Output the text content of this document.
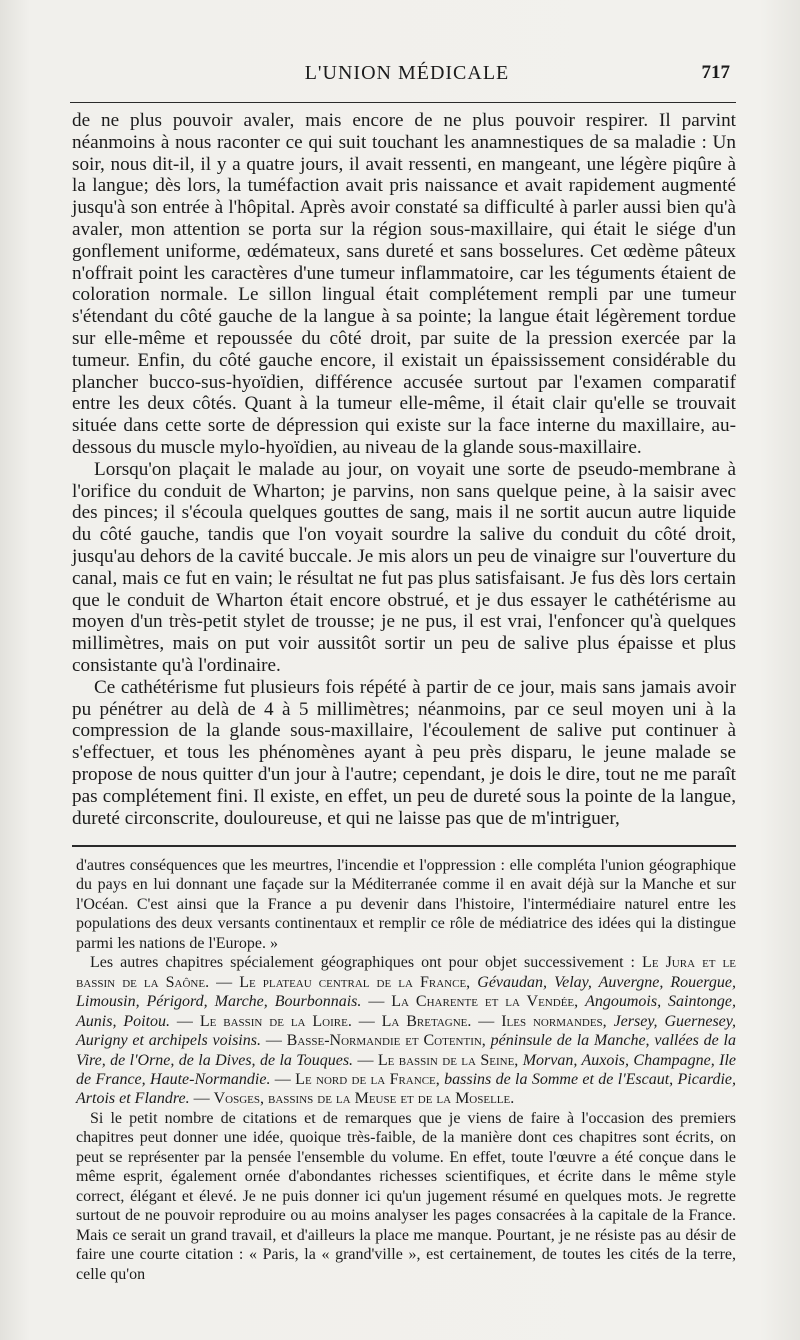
L'UNION MÉDICALE	717

de ne plus pouvoir avaler, mais encore de ne plus pouvoir respirer. Il parvint néanmoins à nous raconter ce qui suit touchant les anamnestiques de sa maladie : Un soir, nous dit-il, il y a quatre jours, il avait ressenti, en mangeant, une légère piqûre à la langue; dès lors, la tuméfaction avait pris naissance et avait rapidement augmenté jusqu'à son entrée à l'hôpital. Après avoir constaté sa difficulté à parler aussi bien qu'à avaler, mon attention se porta sur la région sous-maxillaire, qui était le siége d'un gonflement uniforme, œdémateux, sans dureté et sans bosselures. Cet œdème pâteux n'offrait point les caractères d'une tumeur inflammatoire, car les téguments étaient de coloration normale. Le sillon lingual était complétement rempli par une tumeur s'étendant du côté gauche de la langue à sa pointe; la langue était légèrement tordue sur elle-même et repoussée du côté droit, par suite de la pression exercée par la tumeur. Enfin, du côté gauche encore, il existait un épaississement considérable du plancher bucco-sus-hyoïdien, différence accusée surtout par l'examen comparatif entre les deux côtés. Quant à la tumeur elle-même, il était clair qu'elle se trouvait située dans cette sorte de dépression qui existe sur la face interne du maxillaire, au-dessous du muscle mylo-hyoïdien, au niveau de la glande sous-maxillaire.

Lorsqu'on plaçait le malade au jour, on voyait une sorte de pseudo-membrane à l'orifice du conduit de Wharton; je parvins, non sans quelque peine, à la saisir avec des pinces; il s'écoula quelques gouttes de sang, mais il ne sortit aucun autre liquide du côté gauche, tandis que l'on voyait sourdre la salive du conduit du côté droit, jusqu'au dehors de la cavité buccale. Je mis alors un peu de vinaigre sur l'ouverture du canal, mais ce fut en vain; le résultat ne fut pas plus satisfaisant. Je fus dès lors certain que le conduit de Wharton était encore obstrué, et je dus essayer le cathétérisme au moyen d'un très-petit stylet de trousse; je ne pus, il est vrai, l'enfoncer qu'à quelques millimètres, mais on put voir aussitôt sortir un peu de salive plus épaisse et plus consistante qu'à l'ordinaire.

Ce cathétérisme fut plusieurs fois répété à partir de ce jour, mais sans jamais avoir pu pénétrer au delà de 4 à 5 millimètres; néanmoins, par ce seul moyen uni à la compression de la glande sous-maxillaire, l'écoulement de salive put continuer à s'effectuer, et tous les phénomènes ayant à peu près disparu, le jeune malade se propose de nous quitter d'un jour à l'autre; cependant, je dois le dire, tout ne me paraît pas complétement fini. Il existe, en effet, un peu de dureté sous la pointe de la langue, dureté circonscrite, douloureuse, et qui ne laisse pas que de m'intriguer,

d'autres conséquences que les meurtres, l'incendie et l'oppression : elle compléta l'union géographique du pays en lui donnant une façade sur la Méditerranée comme il en avait déjà sur la Manche et sur l'Océan. C'est ainsi que la France a pu devenir dans l'histoire, l'intermédiaire naturel entre les populations des deux versants continentaux et remplir ce rôle de médiatrice des idées qui la distingue parmi les nations de l'Europe. »

Les autres chapitres spécialement géographiques ont pour objet successivement : Le Jura et le bassin de la Saône. — Le plateau central de la France, Gévaudan, Velay, Auvergne, Rouergue, Limousin, Périgord, Marche, Bourbonnais. — La Charente et la Vendée, Angoumois, Saintonge, Aunis, Poitou. — Le bassin de la Loire. — La Bretagne. — Iles normandes, Jersey, Guernesey, Aurigny et archipels voisins. — Basse-Normandie et Cotentin, péninsule de la Manche, vallées de la Vire, de l'Orne, de la Dives, de la Touques. — Le bassin de la Seine, Morvan, Auxois, Champagne, Ile de France, Haute-Normandie. — Le nord de la France, bassins de la Somme et de l'Escaut, Picardie, Artois et Flandre. — Vosges, bassins de la Meuse et de la Moselle.

Si le petit nombre de citations et de remarques que je viens de faire à l'occasion des premiers chapitres peut donner une idée, quoique très-faible, de la manière dont ces chapitres sont écrits, on peut se représenter par la pensée l'ensemble du volume. En effet, toute l'œuvre a été conçue dans le même esprit, également ornée d'abondantes richesses scientifiques, et écrite dans le même style correct, élégant et élevé. Je ne puis donner ici qu'un jugement résumé en quelques mots. Je regrette surtout de ne pouvoir reproduire ou au moins analyser les pages consacrées à la capitale de la France. Mais ce serait un grand travail, et d'ailleurs la place me manque. Pourtant, je ne résiste pas au désir de faire une courte citation : « Paris, la « grand'ville », est certainement, de toutes les cités de la terre, celle qu'on
